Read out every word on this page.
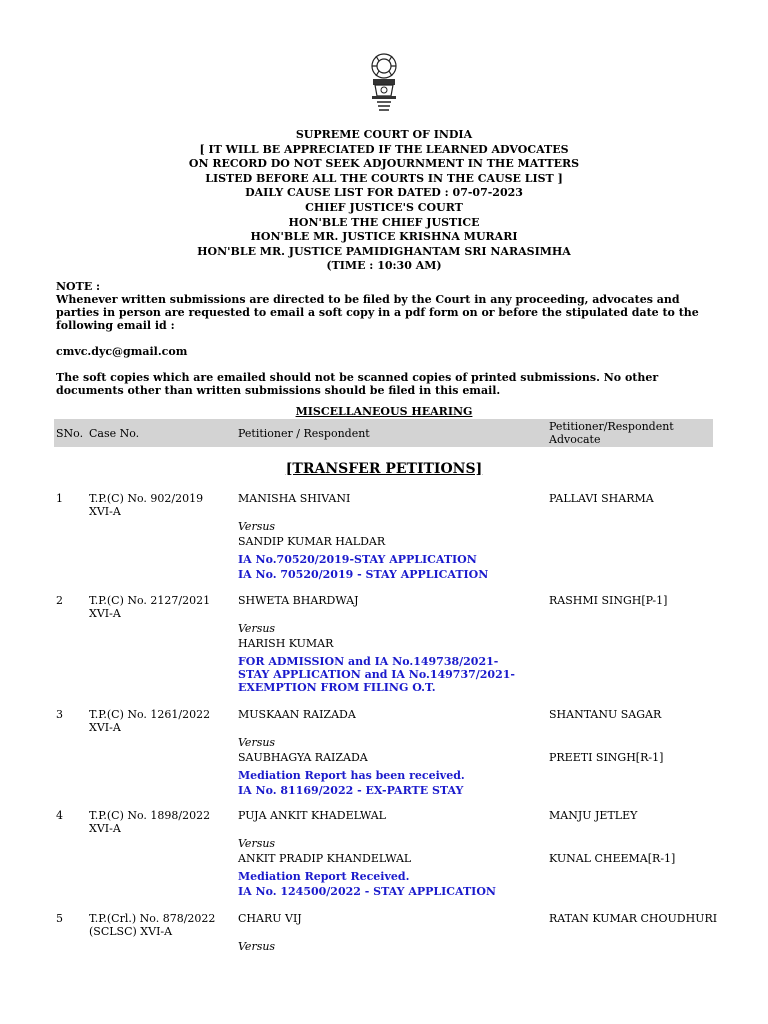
SUPREME COURT OF INDIA
[ IT WILL BE APPRECIATED IF THE LEARNED ADVOCATES
ON RECORD DO NOT SEEK ADJOURNMENT IN THE MATTERS
LISTED BEFORE ALL THE COURTS IN THE CAUSE LIST ]
DAILY CAUSE LIST FOR DATED : 07-07-2023
CHIEF JUSTICE'S COURT
HON'BLE THE CHIEF JUSTICE
HON'BLE MR. JUSTICE KRISHNA MURARI
HON'BLE MR. JUSTICE PAMIDIGHANTAM SRI NARASIMHA
(TIME : 10:30 AM)

NOTE :

Whenever written submissions are directed to be filed by the Court in any proceeding, advocates and parties in person are requested to email a soft copy in a pdf form on or before the stipulated date to the following email id :

cmvc.dyc@gmail.com

The soft copies which are emailed should not be scanned copies of printed submissions. No other documents other than written submissions should be filed in this email.

MISCELLANEOUS HEARING
SNo. Case No.	Petitioner / Respondent
Petitioner/Respondent
Advocate
[TRANSFER PETITIONS]
1 T.P.(C) No. 902/2019
XVI-A
MANISHA SHIVANI
Versus
SANDIP KUMAR HALDAR
IA No.70520/2019-STAY APPLICATION
IA No. 70520/2019 - STAY APPLICATION
PALLAVI SHARMA
2 T.P.(C) No. 2127/2021
XVI-A
SHWETA BHARDWAJ
Versus
HARISH KUMAR
FOR ADMISSION and IA No.149738/2021-STAY APPLICATION and IA No.149737/2021-EXEMPTION FROM FILING O.T.
RASHMI SINGH[P-1]
3 T.P.(C) No. 1261/2022
XVI-A
MUSKAAN RAIZADA
Versus
SAUBHAGYA RAIZADA
Mediation Report has been received.
IA No. 81169/2022 - EX-PARTE STAY
SHANTANU SAGAR
PREETI SINGH[R-1]
4 T.P.(C) No. 1898/2022
XVI-A
PUJA ANKIT KHADELWAL
Versus
ANKIT PRADIP KHANDELWAL
Mediation Report Received.
IA No. 124500/2022 - STAY APPLICATION
MANJU JETLEY
KUNAL CHEEMA[R-1]
5 T.P.(Crl.) No. 878/2022
(SCLSC) XVI-A
CHARU VIJ
Versus
RATAN KUMAR CHOUDHURI
